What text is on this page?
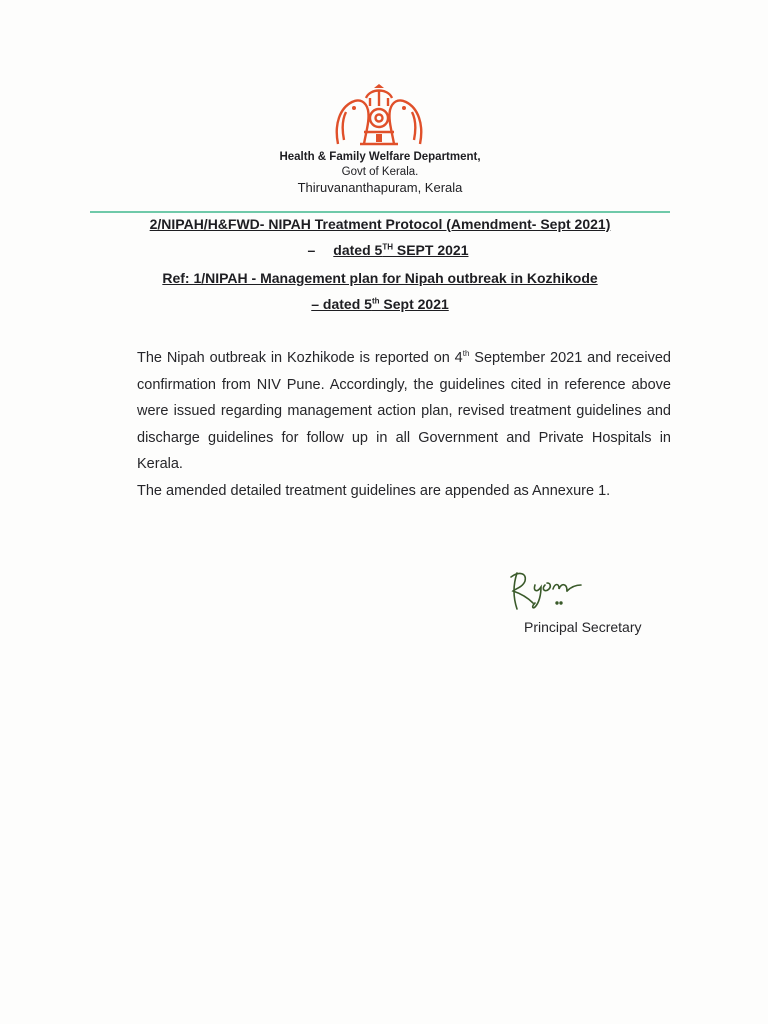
Health & Family Welfare Department,
Govt of Kerala.
Thiruvananthapuram, Kerala
2/NIPAH/H&FWD- NIPAH Treatment Protocol (Amendment- Sept 2021)
– dated 5TH SEPT 2021
Ref: 1/NIPAH - Management plan for Nipah outbreak in Kozhikode
– dated 5th Sept 2021

The Nipah outbreak in Kozhikode is reported on 4th September 2021 and received confirmation from NIV Pune. Accordingly, the guidelines cited in reference above were issued regarding management action plan, revised treatment guidelines and discharge guidelines for follow up in all Government and Private Hospitals in Kerala.

The amended detailed treatment guidelines are appended as Annexure 1.

Principal Secretary
